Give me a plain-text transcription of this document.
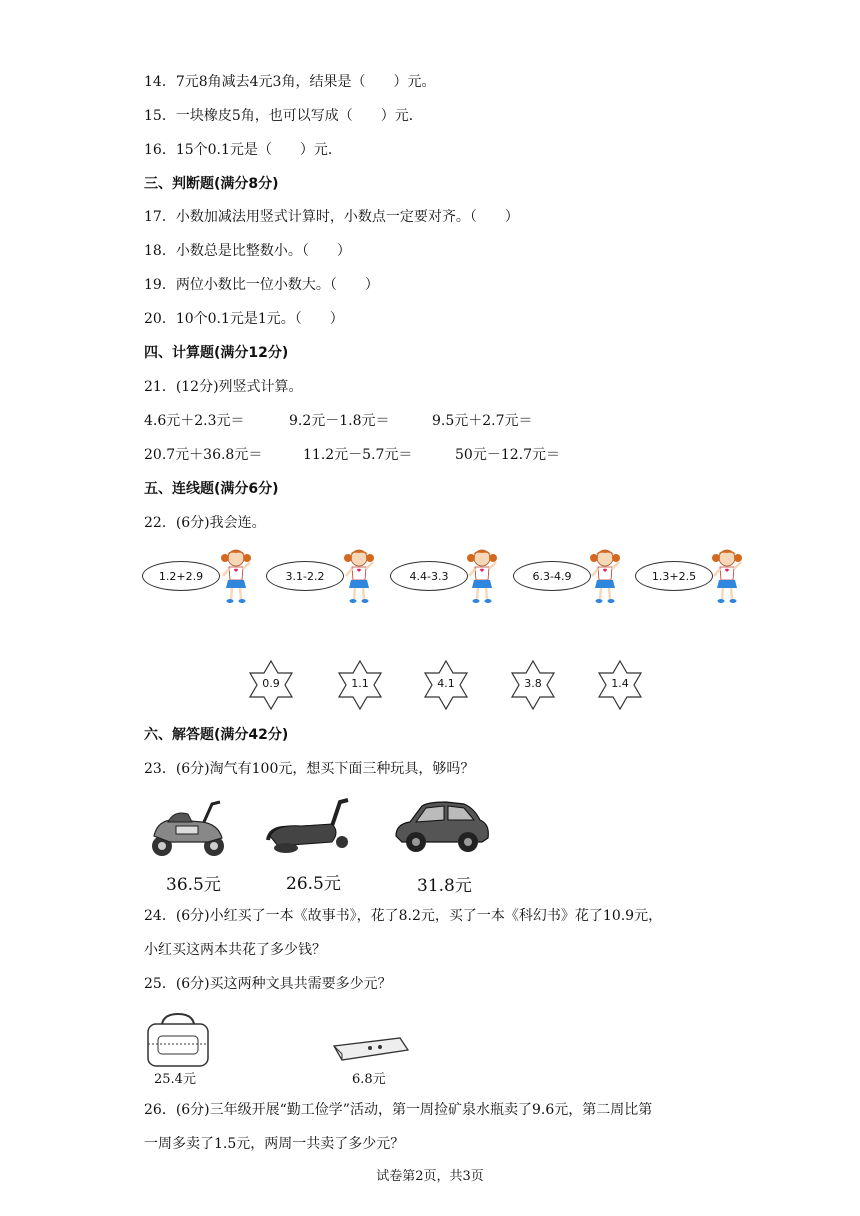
14．7元8角减去4元3角，结果是（　　）元。
15．一块橡皮5角，也可以写成（　　）元．
16．15个0.1元是（　　）元．
三、判断题(满分8分)
17．小数加减法用竖式计算时，小数点一定要对齐。（　　）
18．小数总是比整数小。（　　）
19．两位小数比一位小数大。（　　）
20．10个0.1元是1元。（　　）
四、计算题(满分12分)
21．(12分)列竖式计算。
4.6元＋2.3元＝	9.2元－1.8元＝	9.5元＋2.7元＝
20.7元＋36.8元＝	11.2元－5.7元＝	50元－12.7元＝
五、连线题(满分6分)
22．(6分)我会连。
1.2+2.9	3.1-2.2	4.4-3.3	6.3-4.9	1.3+2.5
0.9	1.1	4.1	3.8	1.4
六、解答题(满分42分)
23．(6分)淘气有100元，想买下面三种玩具，够吗？
36.5元	26.5元	31.8元
24．(6分)小红买了一本《故事书》，花了8.2元，买了一本《科幻书》花了10.9元，
小红买这两本共花了多少钱？
25．(6分)买这两种文具共需要多少元？
25.4元	6.8元
26．(6分)三年级开展“勤工俭学”活动，第一周捡矿泉水瓶卖了9.6元，第二周比第
一周多卖了1.5元，两周一共卖了多少元？
试卷第2页，共3页
